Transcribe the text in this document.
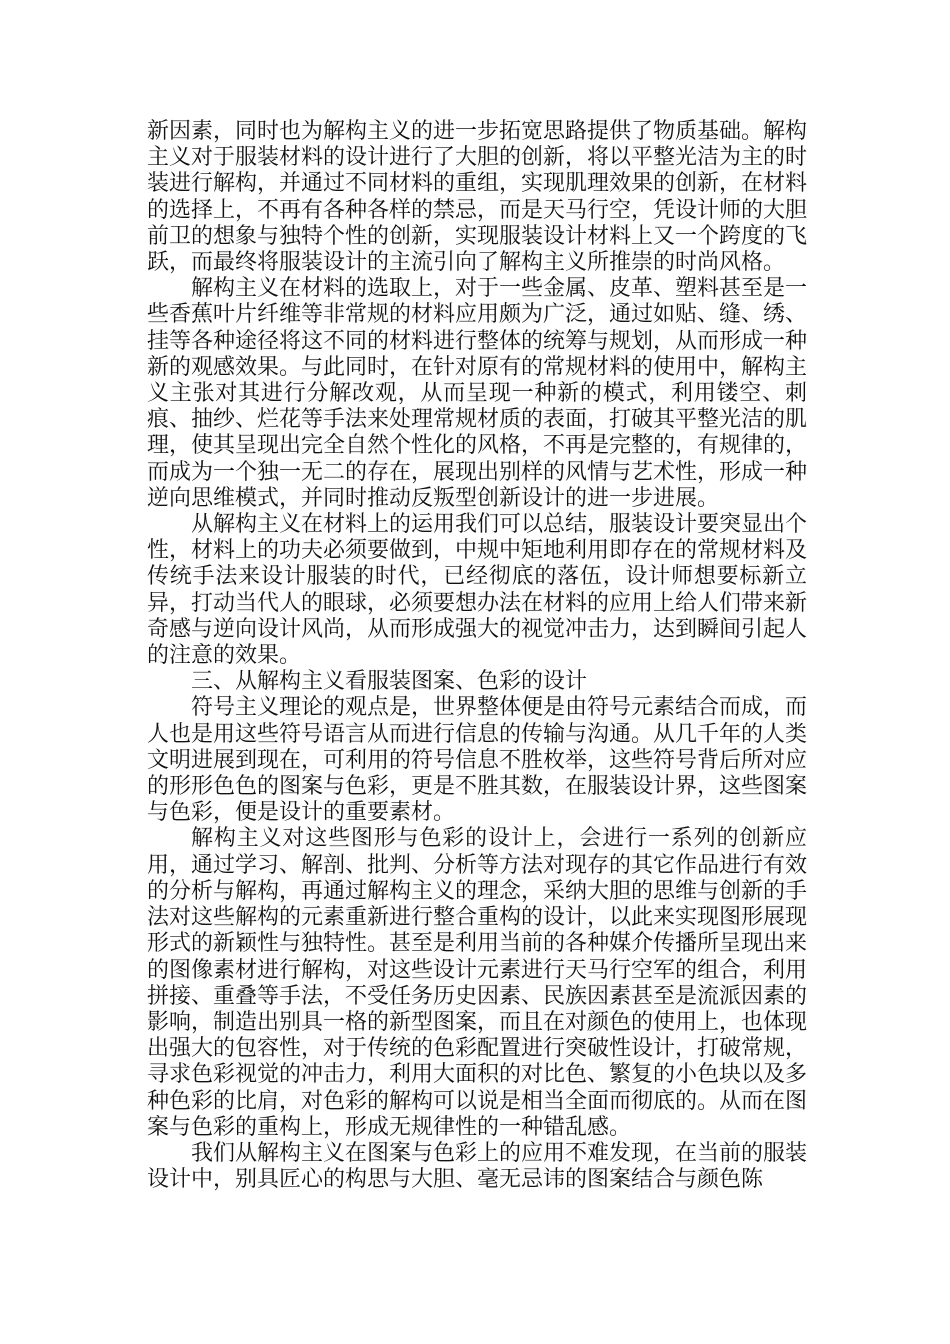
新因素，同时也为解构主义的进一步拓宽思路提供了物质基础。解构主义对于服装材料的设计进行了大胆的创新，将以平整光洁为主的时装进行解构，并通过不同材料的重组，实现肌理效果的创新，在材料的选择上，不再有各种各样的禁忌，而是天马行空，凭设计师的大胆前卫的想象与独特个性的创新，实现服装设计材料上又一个跨度的飞跃，而最终将服装设计的主流引向了解构主义所推崇的时尚风格。

解构主义在材料的选取上，对于一些金属、皮革、塑料甚至是一些香蕉叶片纤维等非常规的材料应用颇为广泛，通过如贴、缝、绣、挂等各种途径将这不同的材料进行整体的统筹与规划，从而形成一种新的观感效果。与此同时，在针对原有的常规材料的使用中，解构主义主张对其进行分解改观，从而呈现一种新的模式，利用镂空、刺痕、抽纱、烂花等手法来处理常规材质的表面，打破其平整光洁的肌理，使其呈现出完全自然个性化的风格，不再是完整的，有规律的，而成为一个独一无二的存在，展现出别样的风情与艺术性，形成一种逆向思维模式，并同时推动反叛型创新设计的进一步进展。

从解构主义在材料上的运用我们可以总结，服装设计要突显出个性，材料上的功夫必须要做到，中规中矩地利用即存在的常规材料及传统手法来设计服装的时代，已经彻底的落伍，设计师想要标新立异，打动当代人的眼球，必须要想办法在材料的应用上给人们带来新奇感与逆向设计风尚，从而形成强大的视觉冲击力，达到瞬间引起人的注意的效果。

三、从解构主义看服装图案、色彩的设计

符号主义理论的观点是，世界整体便是由符号元素结合而成，而人也是用这些符号语言从而进行信息的传输与沟通。从几千年的人类文明进展到现在，可利用的符号信息不胜枚举，这些符号背后所对应的形形色色的图案与色彩，更是不胜其数，在服装设计界，这些图案与色彩，便是设计的重要素材。

解构主义对这些图形与色彩的设计上，会进行一系列的创新应用，通过学习、解剖、批判、分析等方法对现存的其它作品进行有效的分析与解构，再通过解构主义的理念，采纳大胆的思维与创新的手法对这些解构的元素重新进行整合重构的设计，以此来实现图形展现形式的新颖性与独特性。甚至是利用当前的各种媒介传播所呈现出来的图像素材进行解构，对这些设计元素进行天马行空军的组合，利用拼接、重叠等手法，不受任务历史因素、民族因素甚至是流派因素的影响，制造出别具一格的新型图案，而且在对颜色的使用上，也体现出强大的包容性，对于传统的色彩配置进行突破性设计，打破常规，寻求色彩视觉的冲击力，利用大面积的对比色、繁复的小色块以及多种色彩的比肩，对色彩的解构可以说是相当全面而彻底的。从而在图案与色彩的重构上，形成无规律性的一种错乱感。

我们从解构主义在图案与色彩上的应用不难发现，在当前的服装设计中，别具匠心的构思与大胆、毫无忌讳的图案结合与颜色陈
